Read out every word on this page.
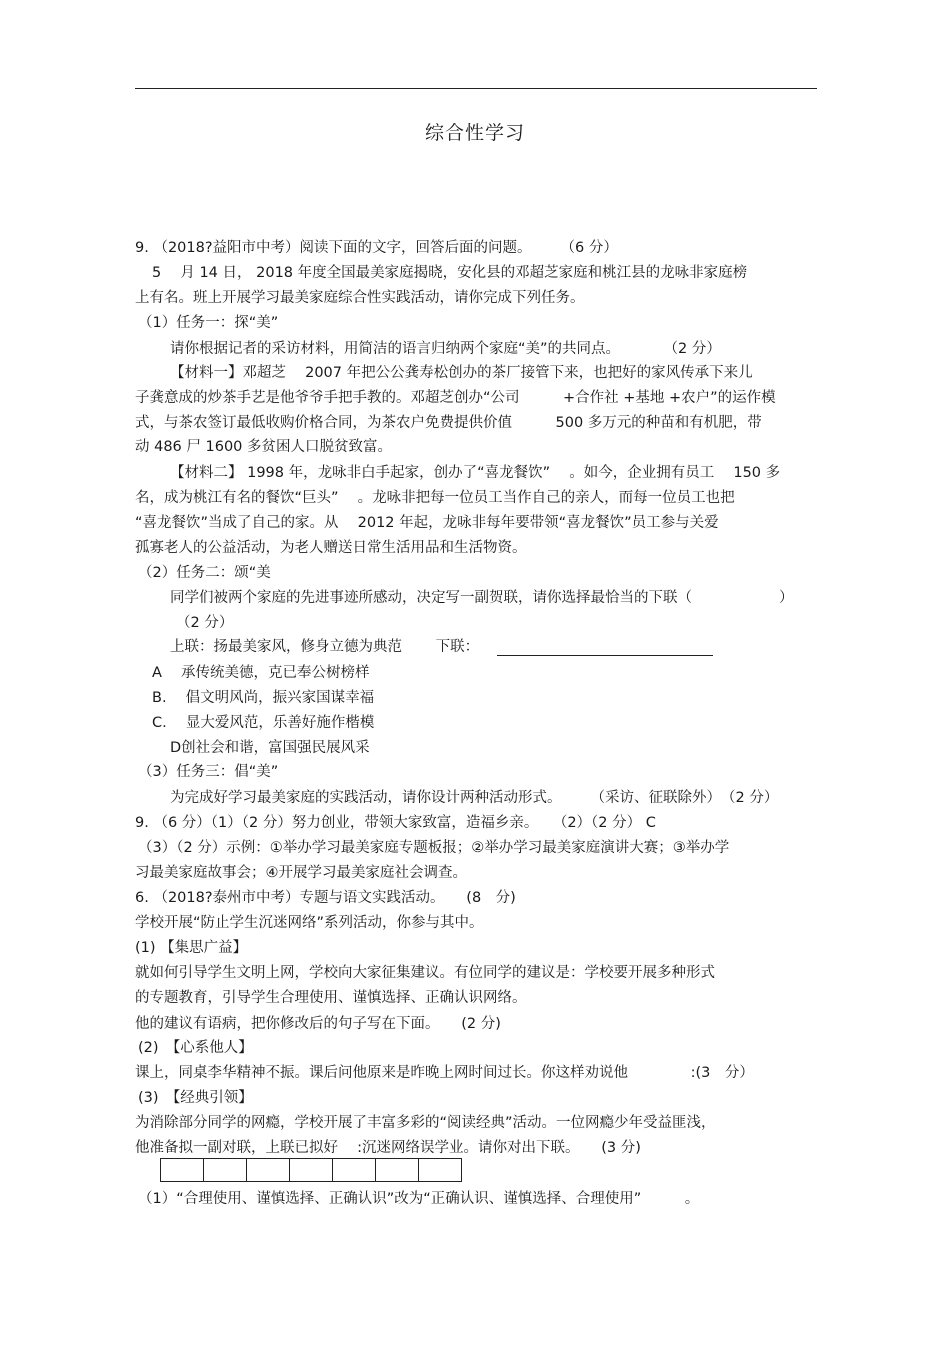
综合性学习
9. （2018?益阳市中考）阅读下面的文字，回答后面的问题。　　　（6 分）
5　 月 14 日， 2018 年度全国最美家庭揭晓，安化县的邓超芝家庭和桃江县的龙咏非家庭榜
上有名。班上开展学习最美家庭综合性实践活动，请你完成下列任务。
（1）任务一：探“美”
请你根据记者的采访材料，用简洁的语言归纳两个家庭“美”的共同点。　　　　（2 分）
【材料一】邓超芝　 2007 年把公公龚寿松创办的茶厂接管下来，也把好的家风传承下来儿
子龚意成的炒茶手艺是他爷爷手把手教的。邓超芝创办“公司　　　+合作社 +基地 +农户”的运作模
式，与茶农签订最低收购价格合同，为茶农户免费提供价值　　　500 多万元的种苗和有机肥，带
动 486 尸 1600 多贫困人口脱贫致富。
【材料二】 1998 年，龙咏非白手起家，创办了“喜龙餐饮”　 。如今，企业拥有员工　 150 多
名，成为桃江有名的餐饮“巨头”　 。龙咏非把每一位员工当作自己的亲人，而每一位员工也把
“喜龙餐饮”当成了自己的家。从　 2012 年起，龙咏非每年要带领“喜龙餐饮”员工参与关爱
孤寡老人的公益活动，为老人赠送日常生活用品和生活物资。
（2）任务二：颂“美
同学们被两个家庭的先进事迹所感动，决定写一副贺联，请你选择最恰当的下联（　　　　　　）
（2 分）
上联：扬最美家风，修身立德为典范　　 下联：
A　 承传统美德，克已奉公树榜样
B.　 倡文明风尚，振兴家国谋幸福
C.　 显大爱风范，乐善好施作楷模
D创社会和谐，富国强民展风采
（3）任务三：倡“美”
为完成好学习最美家庭的实践活动，请你设计两种活动形式。　　　（采访、征联除外）　（2 分）
9. （6 分）（1）（2 分）努力创业，带领大家致富，造福乡亲。　　（2）（2 分） C
（3）（2 分）示例：①举办学习最美家庭专题板报；②举办学习最美家庭演讲大赛；③举办学
习最美家庭故事会；④开展学习最美家庭社会调查。
6. （2018?泰州市中考）专题与语文实践活动。　　(8　分)
学校开展“防止学生沉迷网络”系列活动，你参与其中。
(1) 【集思广益】
就如何引导学生文明上网，学校向大家征集建议。有位同学的建议是：学校要开展多种形式
的专题教育，引导学生合理使用、谨慎选择、正确认识网络。
他的建议有语病，把你修改后的句子写在下面。　　(2 分)
(2)　【心系他人】
课上，同桌李华精神不振。课后问他原来是昨晚上网时间过长。你这样劝说他　　　　 :(3　分）
(3)　【经典引领】
为消除部分同学的网瘾，学校开展了丰富多彩的“阅读经典”活动。一位网瘾少年受益匪浅，
他准备拟一副对联，上联已拟好　 :沉迷网络误学业。请你对出下联。　　(3 分)
（1）“合理使用、谨慎选择、正确认识”改为“正确认识、谨慎选择、合理使用”　　　。
